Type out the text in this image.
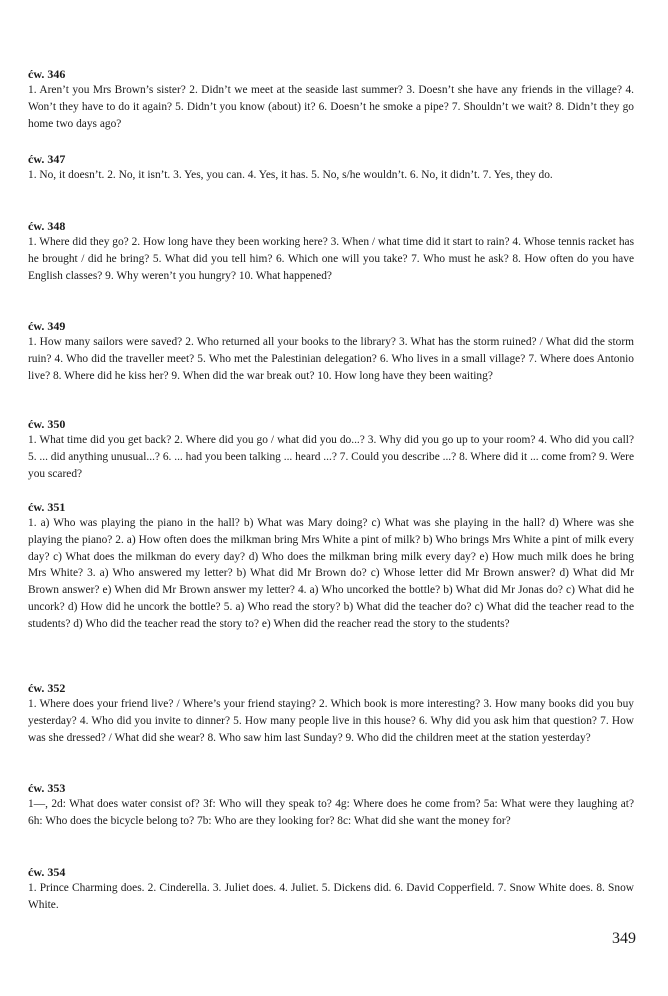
ćw. 346

1. Aren’t you Mrs Brown’s sister? 2. Didn’t we meet at the seaside last summer? 3. Doesn’t she have any friends in the village? 4. Won’t they have to do it again? 5. Didn’t you know (about) it? 6. Doesn’t he smoke a pipe? 7. Shouldn’t we wait? 8. Didn’t they go home two days ago?

ćw. 347

1. No, it doesn’t. 2. No, it isn’t. 3. Yes, you can. 4. Yes, it has. 5. No, s/he wouldn’t. 6. No, it didn’t. 7. Yes, they do.

ćw. 348

1. Where did they go? 2. How long have they been working here? 3. When / what time did it start to rain? 4. Whose tennis racket has he brought / did he bring? 5. What did you tell him? 6. Which one will you take? 7. Who must he ask? 8. How often do you have English classes? 9. Why weren’t you hungry? 10. What happened?

ćw. 349

1. How many sailors were saved? 2. Who returned all your books to the library? 3. What has the storm ruined? / What did the storm ruin? 4. Who did the traveller meet? 5. Who met the Palestinian delegation? 6. Who lives in a small village? 7. Where does Antonio live? 8. Where did he kiss her? 9. When did the war break out? 10. How long have they been waiting?

ćw. 350

1. What time did you get back? 2. Where did you go / what did you do...? 3. Why did you go up to your room? 4. Who did you call? 5. ... did anything unusual...? 6. ... had you been talking ... heard ...? 7. Could you describe ...? 8. Where did it ... come from? 9. Were you scared?

ćw. 351

1. a) Who was playing the piano in the hall? b) What was Mary doing? c) What was she playing in the hall? d) Where was she playing the piano? 2. a) How often does the milkman bring Mrs White a pint of milk? b) Who brings Mrs White a pint of milk every day? c) What does the milkman do every day? d) Who does the milkman bring milk every day? e) How much milk does he bring Mrs White? 3. a) Who answered my letter? b) What did Mr Brown do? c) Whose letter did Mr Brown answer? d) What did Mr Brown answer? e) When did Mr Brown answer my letter? 4. a) Who uncorked the bottle? b) What did Mr Jonas do? c) What did he uncork? d) How did he uncork the bottle? 5. a) Who read the story? b) What did the teacher do? c) What did the teacher read to the students? d) Who did the teacher read the story to? e) When did the reacher read the story to the students?

ćw. 352

1. Where does your friend live? / Where’s your friend staying? 2. Which book is more interesting? 3. How many books did you buy yesterday? 4. Who did you invite to dinner? 5. How many people live in this house? 6. Why did you ask him that question? 7. How was she dressed? / What did she wear? 8. Who saw him last Sunday? 9. Who did the children meet at the station yesterday?

ćw. 353

1—, 2d: What does water consist of? 3f: Who will they speak to? 4g: Where does he come from? 5a: What were they laughing at? 6h: Who does the bicycle belong to? 7b: Who are they looking for? 8c: What did she want the money for?

ćw. 354

1. Prince Charming does. 2. Cinderella. 3. Juliet does. 4. Juliet. 5. Dickens did. 6. David Copperfield. 7. Snow White does. 8. Snow White.

349
